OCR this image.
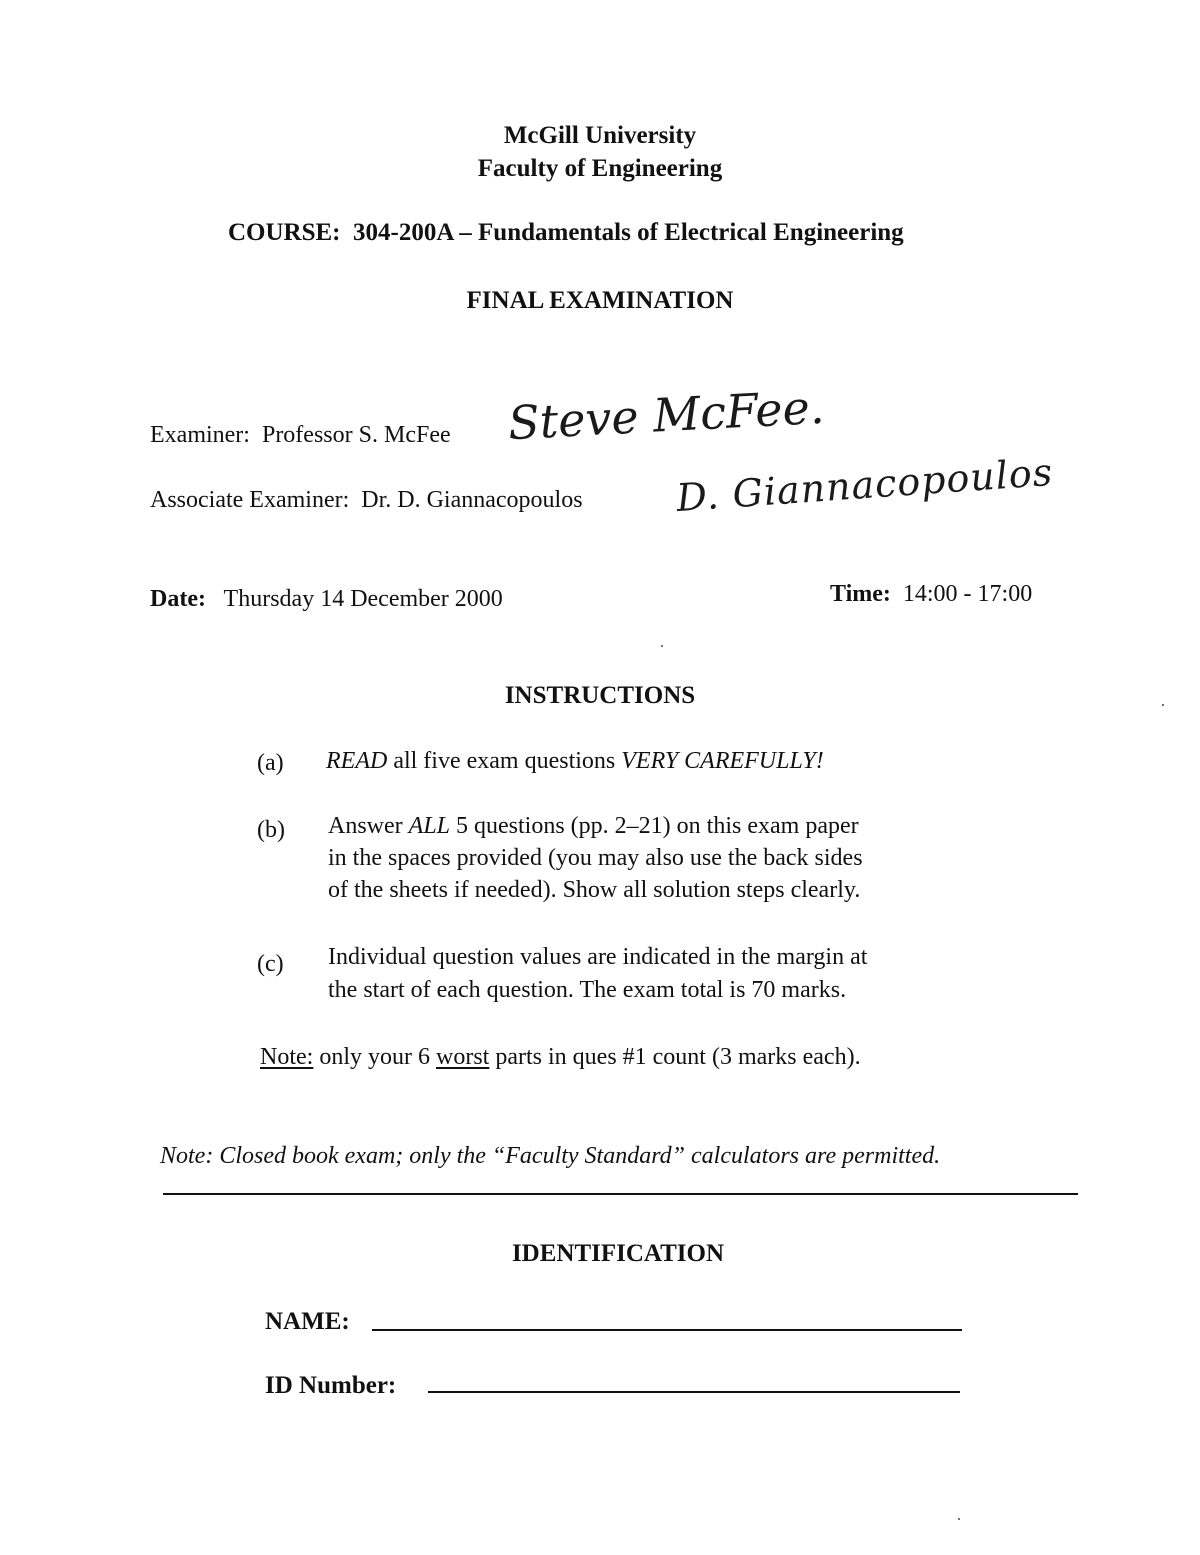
McGill University
Faculty of Engineering
COURSE: 304-200A – Fundamentals of Electrical Engineering
FINAL EXAMINATION
Examiner: Professor S. McFee Steve McFee.
Associate Examiner: Dr. D. Giannacopoulos D. Giannacopoulos
Date: Thursday 14 December 2000	Time: 14:00 - 17:00
INSTRUCTIONS
(a) READ all five exam questions VERY CAREFULLY!
(b) Answer ALL 5 questions (pp. 2–21) on this exam paper
in the spaces provided (you may also use the back sides
of the sheets if needed). Show all solution steps clearly.
(c) Individual question values are indicated in the margin at
the start of each question. The exam total is 70 marks.
Note: only your 6 worst parts in ques #1 count (3 marks each).
Note: Closed book exam; only the “Faculty Standard” calculators are permitted.
IDENTIFICATION
NAME:
ID Number:
